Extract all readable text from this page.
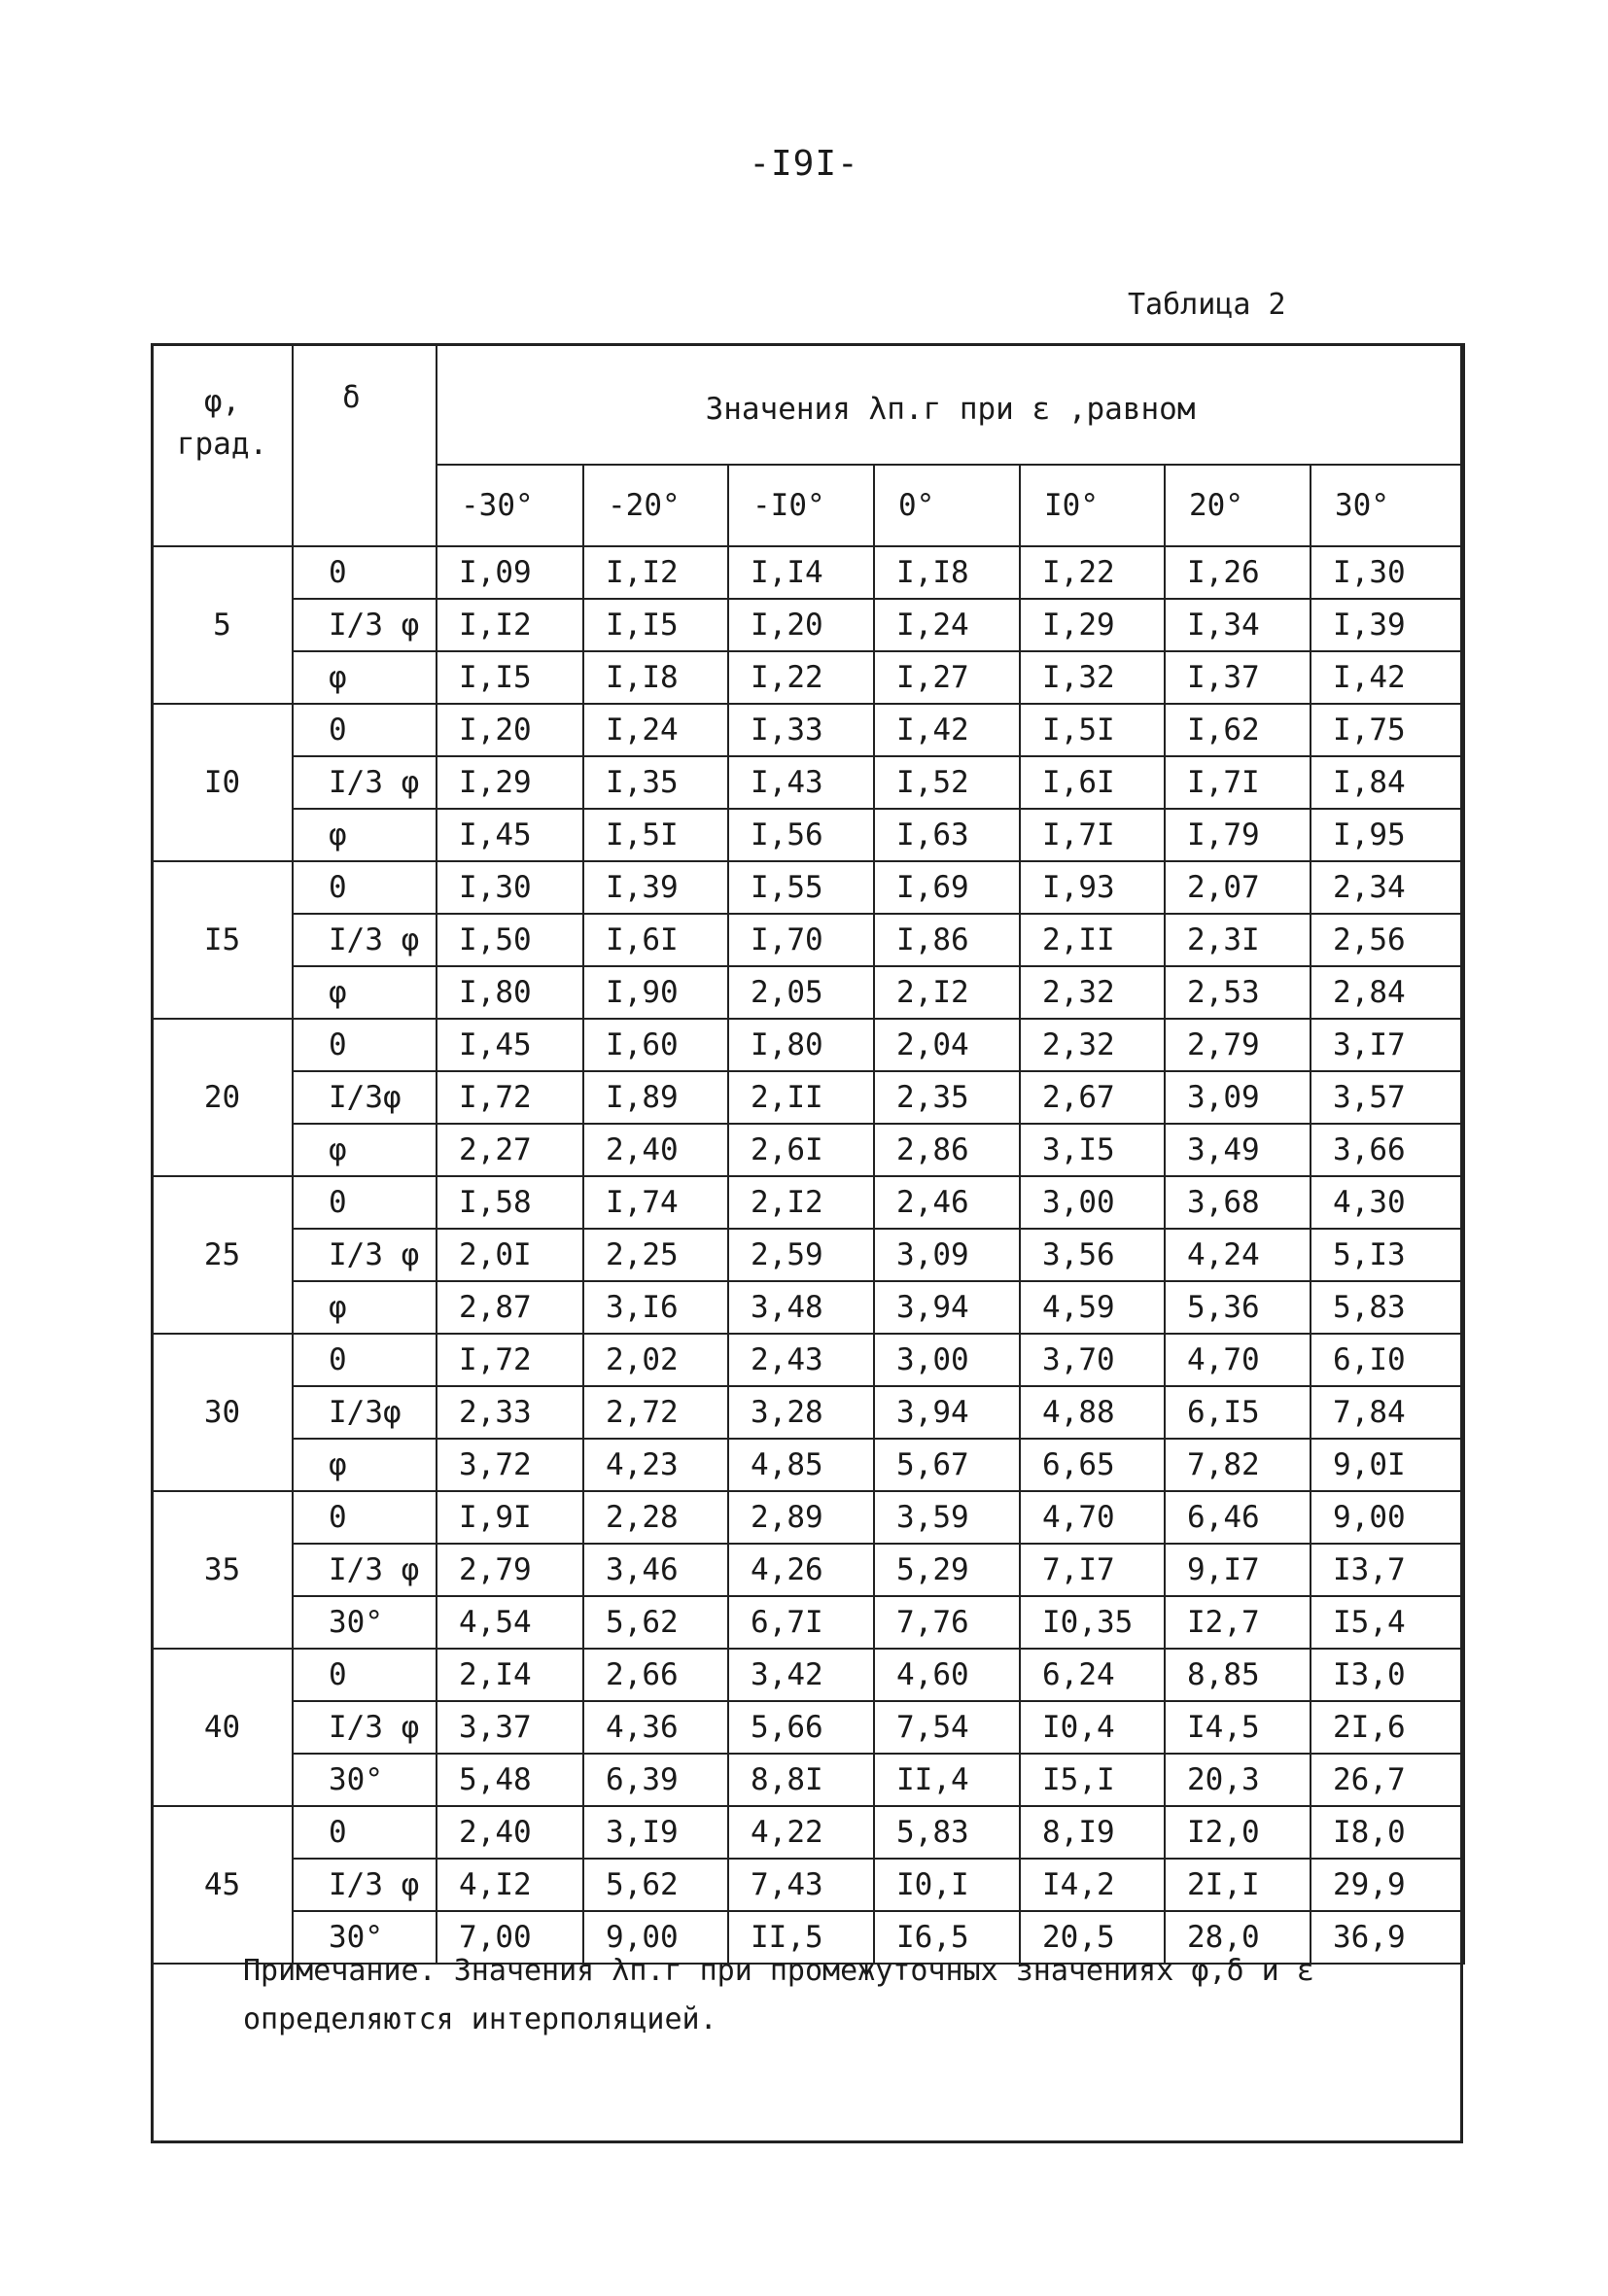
-I9I-
Таблица 2
φ,
град.	δ	Значения λп.г при ε ,равном						
		-30°	-20°	-I0°	0°	I0°	20°	30°
5	0	I,09	I,I2	I,I4	I,I8	I,22	I,26	I,30
	I/3 φ	I,I2	I,I5	I,20	I,24	I,29	I,34	I,39
	φ	I,I5	I,I8	I,22	I,27	I,32	I,37	I,42
I0	0	I,20	I,24	I,33	I,42	I,5I	I,62	I,75
	I/3 φ	I,29	I,35	I,43	I,52	I,6I	I,7I	I,84
	φ	I,45	I,5I	I,56	I,63	I,7I	I,79	I,95
I5	0	I,30	I,39	I,55	I,69	I,93	2,07	2,34
	I/3 φ	I,50	I,6I	I,70	I,86	2,II	2,3I	2,56
	φ	I,80	I,90	2,05	2,I2	2,32	2,53	2,84
20	0	I,45	I,60	I,80	2,04	2,32	2,79	3,I7
	I/3φ	I,72	I,89	2,II	2,35	2,67	3,09	3,57
	φ	2,27	2,40	2,6I	2,86	3,I5	3,49	3,66
25	0	I,58	I,74	2,I2	2,46	3,00	3,68	4,30
	I/3 φ	2,0I	2,25	2,59	3,09	3,56	4,24	5,I3
	φ	2,87	3,I6	3,48	3,94	4,59	5,36	5,83
30	0	I,72	2,02	2,43	3,00	3,70	4,70	6,I0
	I/3φ	2,33	2,72	3,28	3,94	4,88	6,I5	7,84
	φ	3,72	4,23	4,85	5,67	6,65	7,82	9,0I
35	0	I,9I	2,28	2,89	3,59	4,70	6,46	9,00
	I/3 φ	2,79	3,46	4,26	5,29	7,I7	9,I7	I3,7
	30°	4,54	5,62	6,7I	7,76	I0,35	I2,7	I5,4
40	0	2,I4	2,66	3,42	4,60	6,24	8,85	I3,0
	I/3 φ	3,37	4,36	5,66	7,54	I0,4	I4,5	2I,6
	30°	5,48	6,39	8,8I	II,4	I5,I	20,3	26,7
45	0	2,40	3,I9	4,22	5,83	8,I9	I2,0	I8,0
	I/3 φ	4,I2	5,62	7,43	I0,I	I4,2	2I,I	29,9
	30°	7,00	9,00	II,5	I6,5	20,5	28,0	36,9
Примечание. Значения λп.г при промежуточных значениях φ,δ и ε
определяются интерполяцией.
